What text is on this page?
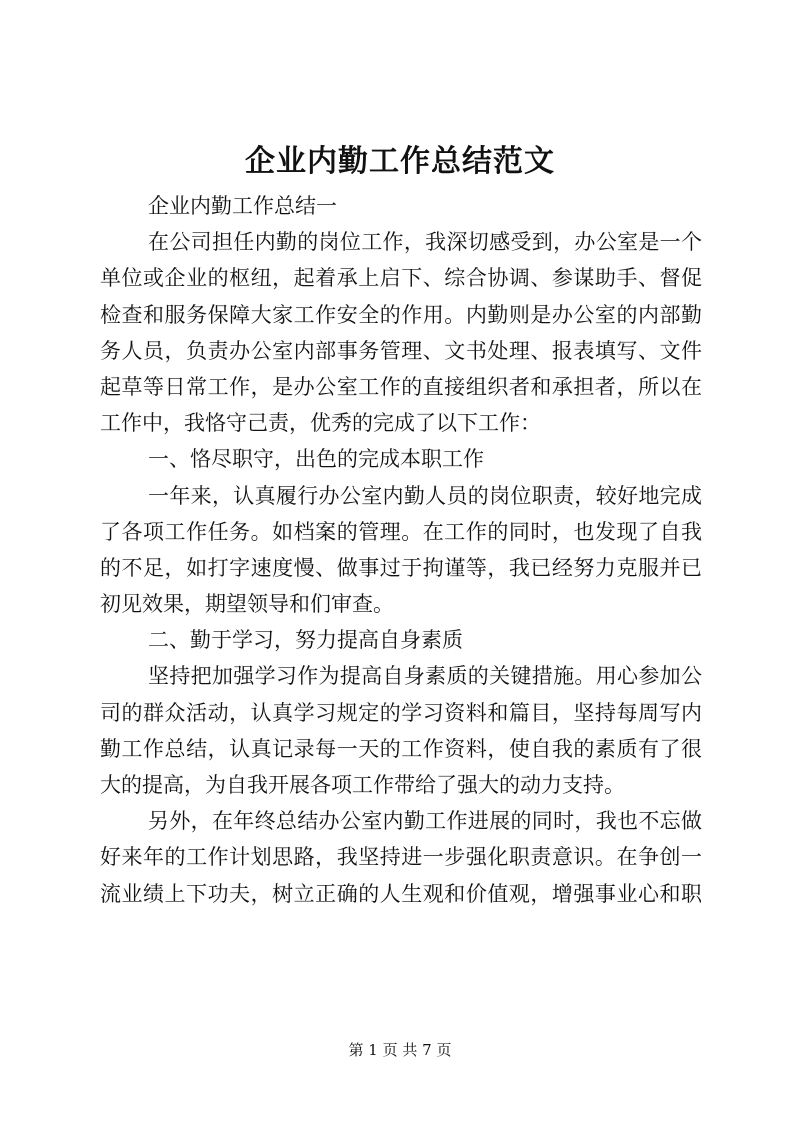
企业内勤工作总结范文
企业内勤工作总结一
在公司担任内勤的岗位工作，我深切感受到，办公室是一个
单位或企业的枢纽，起着承上启下、综合协调、参谋助手、督促
检查和服务保障大家工作安全的作用。内勤则是办公室的内部勤
务人员，负责办公室内部事务管理、文书处理、报表填写、文件
起草等日常工作，是办公室工作的直接组织者和承担者，所以在
工作中，我恪守己责，优秀的完成了以下工作：
一、恪尽职守，出色的完成本职工作
一年来，认真履行办公室内勤人员的岗位职责，较好地完成
了各项工作任务。如档案的管理。在工作的同时，也发现了自我
的不足，如打字速度慢、做事过于拘谨等，我已经努力克服并已
初见效果，期望领导和们审查。
二、勤于学习，努力提高自身素质
坚持把加强学习作为提高自身素质的关键措施。用心参加公
司的群众活动，认真学习规定的学习资料和篇目，坚持每周写内
勤工作总结，认真记录每一天的工作资料，使自我的素质有了很
大的提高，为自我开展各项工作带给了强大的动力支持。
另外，在年终总结办公室内勤工作进展的同时，我也不忘做
好来年的工作计划思路，我坚持进一步强化职责意识。在争创一
流业绩上下功夫，树立正确的人生观和价值观，增强事业心和职
第 1 页 共 7 页
